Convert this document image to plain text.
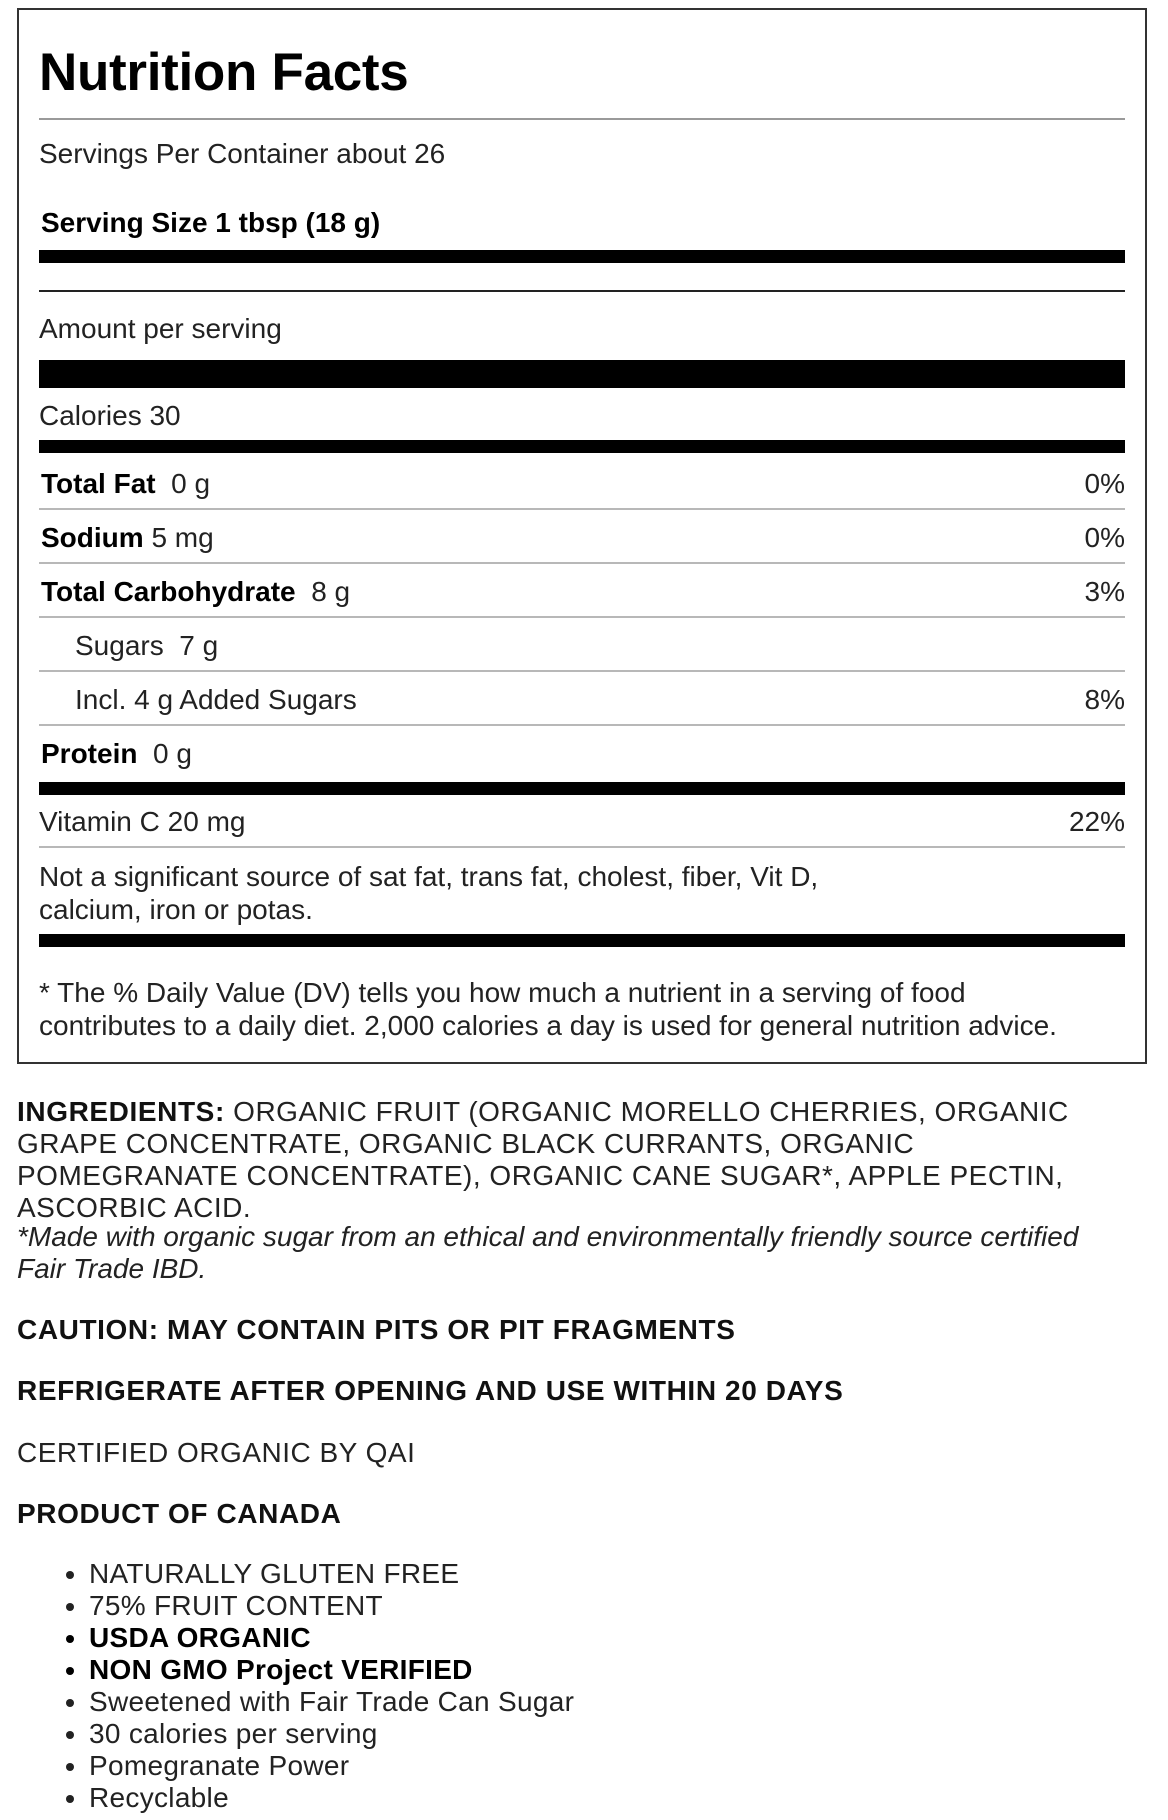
Nutrition Facts
Servings Per Container about 26
Serving Size 1 tbsp (18 g)
Amount per serving
Calories 30
Total Fat 0 g	0%
Sodium 5 mg	0%
Total Carbohydrate 8 g	3%
Sugars 7 g
Incl. 4 g Added Sugars	8%
Protein 0 g
Vitamin C 20 mg	22%
Not a significant source of sat fat, trans fat, cholest, fiber, Vit D, calcium, iron or potas.
* The % Daily Value (DV) tells you how much a nutrient in a serving of food contributes to a daily diet. 2,000 calories a day is used for general nutrition advice.
INGREDIENTS: ORGANIC FRUIT (ORGANIC MORELLO CHERRIES, ORGANIC GRAPE CONCENTRATE, ORGANIC BLACK CURRANTS, ORGANIC POMEGRANATE CONCENTRATE), ORGANIC CANE SUGAR*, APPLE PECTIN, ASCORBIC ACID.
*Made with organic sugar from an ethical and environmentally friendly source certified Fair Trade IBD.
CAUTION: MAY CONTAIN PITS OR PIT FRAGMENTS
REFRIGERATE AFTER OPENING AND USE WITHIN 20 DAYS
CERTIFIED ORGANIC BY QAI
PRODUCT OF CANADA
• NATURALLY GLUTEN FREE
• 75% FRUIT CONTENT
• USDA ORGANIC
• NON GMO Project VERIFIED
• Sweetened with Fair Trade Can Sugar
• 30 calories per serving
• Pomegranate Power
• Recyclable
